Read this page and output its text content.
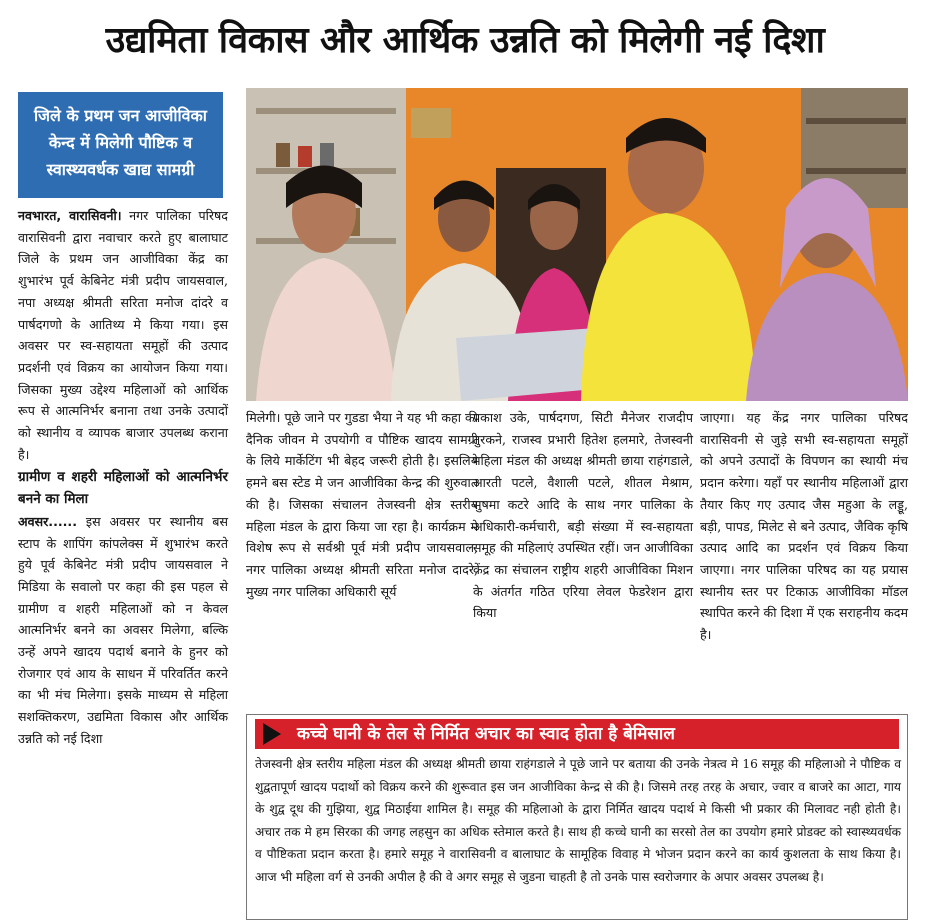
उद्यमिता विकास और आर्थिक उन्नति को मिलेगी नई दिशा
जिले के प्रथम जन आजीविका केन्द में मिलेगी पौष्टिक व स्वास्थ्यवर्धक खाद्य सामग्री

नवभारत, वारासिवनी। नगर पालिका परिषद वारासिवनी द्वारा नवाचार करते हुए बालाघाट जिले के प्रथम जन आजीविका केंद्र का शुभारंभ पूर्व केबिनेट मंत्री प्रदीप जायसवाल, नपा अध्यक्ष श्रीमती सरिता मनोज दांदरे व पार्षदगणो के आतिथ्य मे किया गया। इस अवसर पर स्व-सहायता समूहों की उत्पाद प्रदर्शनी एवं विक्रय का आयोजन किया गया। जिसका मुख्य उद्देश्य महिलाओं को आर्थिक रूप से आत्मनिर्भर बनाना तथा उनके उत्पादों को स्थानीय व व्यापक बाजार उपलब्ध कराना है।

ग्रामीण व शहरी महिलाओं को आत्मनिर्भर बनने का मिला

अवसर...... इस अवसर पर स्थानीय बस स्टाप के शापिंग कांपलेक्स में शुभारंभ करते हुये पूर्व केबिनेट मंत्री प्रदीप जायसवाल ने मिडिया के सवालो पर कहा की इस पहल से ग्रामीण व शहरी महिलाओं को न केवल आत्मनिर्भर बनने का अवसर मिलेगा, बल्कि उन्हें अपने खादय पदार्थ बनाने के हुनर को रोजगार एवं आय के साधन में परिवर्तित करने का भी मंच मिलेगा। इसके माध्यम से महिला सशक्तिकरण, उद्यमिता विकास और आर्थिक उन्नति को नई दिशा

मिलेगी। पूछे जाने पर गुडडा भैया ने यह भी कहा की दैनिक जीवन मे उपयोगी व पौष्टिक खादय सामग्री के लिये मार्केटिंग भी बेहद जरूरी होती है। इसलिये हमने बस स्टेड मे जन आजीविका केन्द्र की शुरुवात की है। जिसका संचालन तेजस्वनी क्षेत्र स्तरीय महिला मंडल के द्वारा किया जा रहा है। कार्यक्रम मे विशेष रूप से सर्वश्री पूर्व मंत्री प्रदीप जायसवाल, नगर पालिका अध्यक्ष श्रीमती सरिता मनोज दादरे, मुख्य नगर पालिका अधिकारी सूर्य

प्रकाश उके, पार्षदगण, सिटी मैनेजर राजदीप तुरकने, राजस्व प्रभारी हितेश हलमारे, तेजस्वनी महिला मंडल की अध्यक्ष श्रीमती छाया राहंगडाले, आरती पटले, वैशाली पटले, शीतल मेश्राम, सुषमा कटरे आदि के साथ नगर पालिका के अधिकारी-कर्मचारी, बड़ी संख्या में स्व-सहायता समूह की महिलाएं उपस्थित रहीं। जन आजीविका केंद्र का संचालन राष्ट्रीय शहरी आजीविका मिशन के अंतर्गत गठित एरिया लेवल फेडरेशन द्वारा किया

जाएगा। यह केंद्र नगर पालिका परिषद वारासिवनी से जुड़े सभी स्व-सहायता समूहों को अपने उत्पादों के विपणन का स्थायी मंच प्रदान करेगा। यहाँ पर स्थानीय महिलाओं द्वारा तैयार किए गए उत्पाद जैस महुआ के लड्डू, बड़ी, पापड, मिलेट से बने उत्पाद, जैविक कृषि उत्पाद आदि का प्रदर्शन एवं विक्रय किया जाएगा। नगर पालिका परिषद का यह प्रयास स्थानीय स्तर पर टिकाऊ आजीविका मॉडल स्थापित करने की दिशा में एक सराहनीय कदम है।

कच्चे घानी के तेल से निर्मित अचार का स्वाद होता है बेमिसाल

तेजस्वनी क्षेत्र स्तरीय महिला मंडल की अध्यक्ष श्रीमती छाया राहंगडाले ने पूछे जाने पर बताया की उनके नेत्रत्व मे 16 समूह की महिलाओ ने पौष्टिक व शुद्वतापूर्ण खादय पदार्थो को विक्रय करने की शुरूवात इस जन आजीविका केन्द्र से की है। जिसमे तरह तरह के अचार, ज्वार व बाजरे का आटा, गाय के शुद्व दूध की गुझिया, शुद्व मिठाईया शामिल है। समूह की महिलाओ के द्वारा निर्मित खादय पदार्थ मे किसी भी प्रकार की मिलावट नही होती है। अचार तक मे हम सिरका की जगह लहसुन का अधिक स्तेमाल करते है। साथ ही कच्चे घानी का सरसो तेल का उपयोग हमारे प्रोडक्ट को स्वास्थ्यवर्धक व पौष्टिकता प्रदान करता है। हमारे समूह ने वारासिवनी व बालाघाट के सामूहिक विवाह मे भोजन प्रदान करने का कार्य कुशलता के साथ किया है। आज भी महिला वर्ग से उनकी अपील है की वे अगर समूह से जुडना चाहती है तो उनके पास स्वरोजगार के अपार अवसर उपलब्ध है।
